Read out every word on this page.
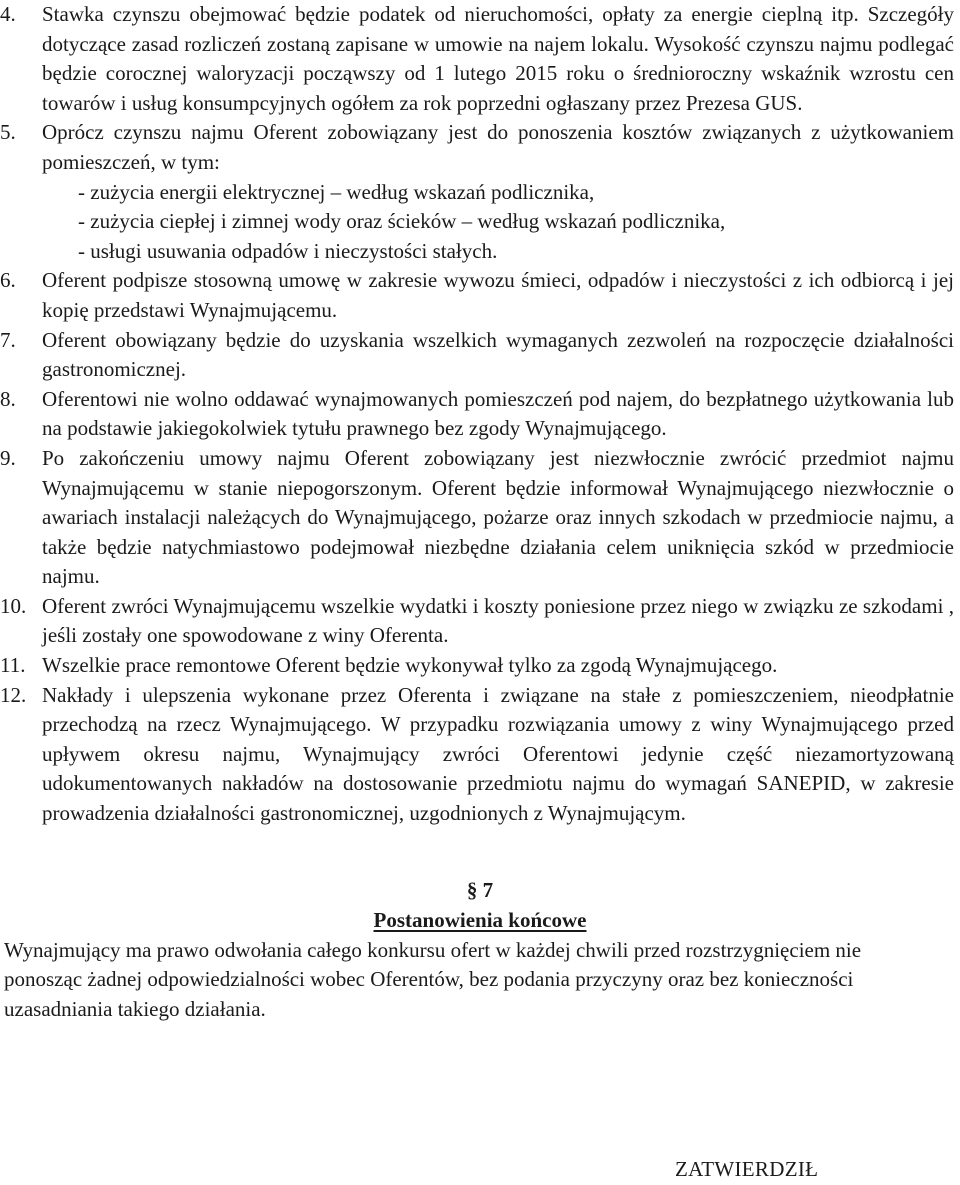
4. Stawka czynszu obejmować będzie podatek od nieruchomości, opłaty za energie cieplną itp. Szczegóły dotyczące zasad rozliczeń zostaną zapisane w umowie na najem lokalu. Wysokość czynszu najmu podlegać będzie corocznej waloryzacji począwszy od 1 lutego 2015 roku o średnioroczny wskaźnik wzrostu cen towarów i usług konsumpcyjnych ogółem za rok poprzedni ogłaszany przez Prezesa GUS.
5. Oprócz czynszu najmu Oferent zobowiązany jest do ponoszenia kosztów związanych z użytkowaniem pomieszczeń, w tym:
- zużycia energii elektrycznej – według wskazań podlicznika,
- zużycia ciepłej i zimnej wody oraz ścieków – według wskazań podlicznika,
- usługi usuwania odpadów i nieczystości stałych.
6. Oferent podpisze stosowną umowę w zakresie wywozu śmieci, odpadów i nieczystości z ich odbiorcą i jej kopię przedstawi Wynajmującemu.
7. Oferent obowiązany będzie do uzyskania wszelkich wymaganych zezwoleń na rozpoczęcie działalności gastronomicznej.
8. Oferentowi nie wolno oddawać wynajmowanych pomieszczeń pod najem, do bezpłatnego użytkowania lub na podstawie jakiegokolwiek tytułu prawnego bez zgody Wynajmującego.
9. Po zakończeniu umowy najmu Oferent zobowiązany jest niezwłocznie zwrócić przedmiot najmu Wynajmującemu w stanie niepogorszonym. Oferent będzie informował Wynajmującego niezwłocznie o awariach instalacji należących do Wynajmującego, pożarze oraz innych szkodach w przedmiocie najmu, a także będzie natychmiastowo podejmował niezbędne działania celem uniknięcia szkód w przedmiocie najmu.
10. Oferent zwróci Wynajmującemu wszelkie wydatki i koszty poniesione przez niego w związku ze szkodami , jeśli zostały one spowodowane z winy Oferenta.
11. Wszelkie prace remontowe Oferent będzie wykonywał tylko za zgodą Wynajmującego.
12. Nakłady i ulepszenia wykonane przez Oferenta i związane na stałe z pomieszczeniem, nieodpłatnie przechodzą na rzecz Wynajmującego. W przypadku rozwiązania umowy z winy Wynajmującego przed upływem okresu najmu, Wynajmujący zwróci Oferentowi jedynie część niezamortyzowaną udokumentowanych nakładów na dostosowanie przedmiotu najmu do wymagań SANEPID, w zakresie prowadzenia działalności gastronomicznej, uzgodnionych z Wynajmującym.
§ 7
Postanowienia końcowe
Wynajmujący ma prawo odwołania całego konkursu ofert w każdej chwili przed rozstrzygnięciem nie ponosząc żadnej odpowiedzialności wobec Oferentów, bez podania przyczyny oraz bez konieczności uzasadniania takiego działania.
ZATWIERDZIŁ
